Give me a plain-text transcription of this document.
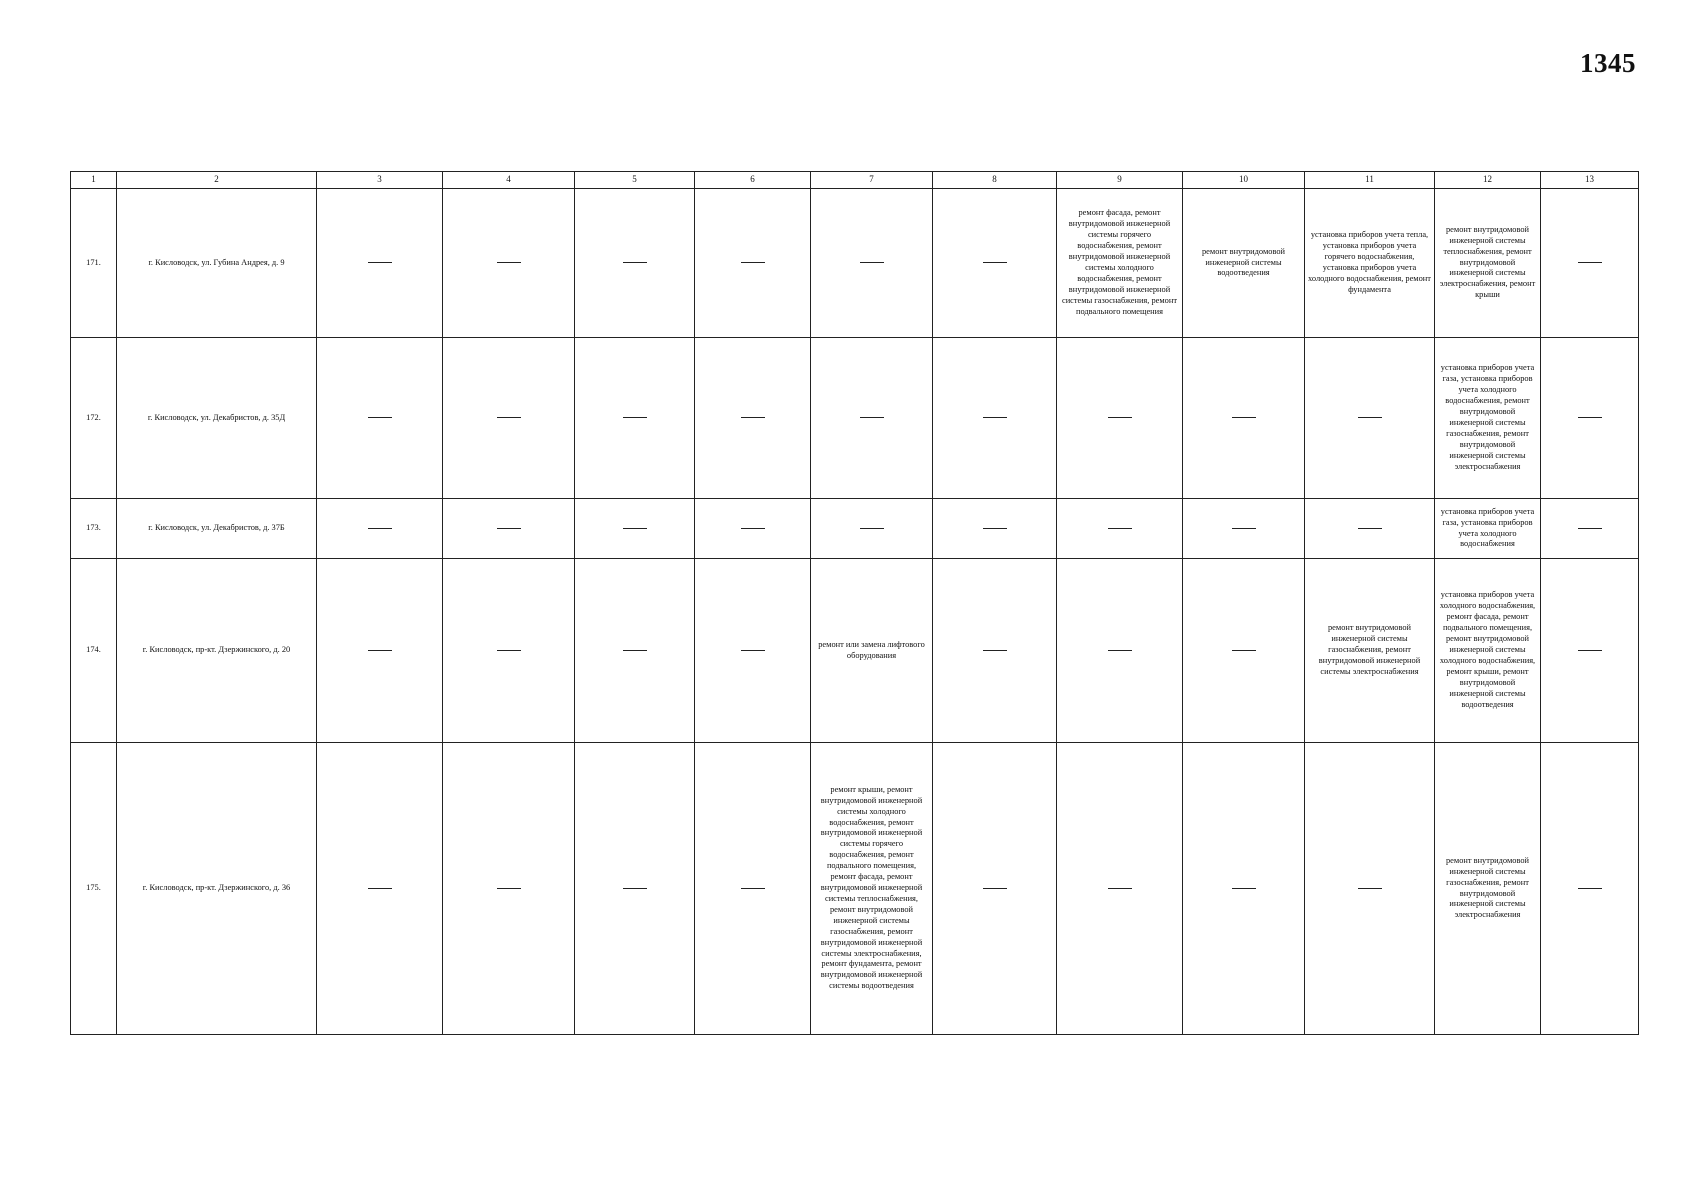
1345
1	2	3	4	5	6	7	8	9	10	11	12	13
171.	г. Кисловодск, ул. Губина Андрея, д. 9							ремонт фасада, ремонт внутридомовой инженерной системы горячего водоснабжения, ремонт внутридомовой инженерной системы холодного водоснабжения, ремонт внутридомовой инженерной системы газоснабжения, ремонт подвального помещения	ремонт внутридомовой инженерной системы водоотведения	установка приборов учета тепла, установка приборов учета горячего водоснабжения, установка приборов учета холодного водоснабжения, ремонт фундамента	ремонт внутридомовой инженерной системы теплоснабжения, ремонт внутридомовой инженерной системы электроснабжения, ремонт крыши	
172.	г. Кисловодск, ул. Декабристов, д. 35Д										установка приборов учета газа, установка приборов учета холодного водоснабжения, ремонт внутридомовой инженерной системы газоснабжения, ремонт внутридомовой инженерной системы электроснабжения	
173.	г. Кисловодск, ул. Декабристов, д. 37Б										установка приборов учета газа, установка приборов учета холодного водоснабжения	
174.	г. Кисловодск, пр-кт. Дзержинского, д. 20					ремонт или замена лифтового оборудования				ремонт внутридомовой инженерной системы газоснабжения, ремонт внутридомовой инженерной системы электроснабжения	установка приборов учета холодного водоснабжения, ремонт фасада, ремонт подвального помещения, ремонт внутридомовой инженерной системы холодного водоснабжения, ремонт крыши, ремонт внутридомовой инженерной системы водоотведения	
175.	г. Кисловодск, пр-кт. Дзержинского, д. 36					ремонт крыши, ремонт внутридомовой инженерной системы холодного водоснабжения, ремонт внутридомовой инженерной системы горячего водоснабжения, ремонт подвального помещения, ремонт фасада, ремонт внутридомовой инженерной системы теплоснабжения, ремонт внутридомовой инженерной системы газоснабжения, ремонт внутридомовой инженерной системы электроснабжения, ремонт фундамента, ремонт внутридомовой инженерной системы водоотведения					ремонт внутридомовой инженерной системы газоснабжения, ремонт внутридомовой инженерной системы электроснабжения	
